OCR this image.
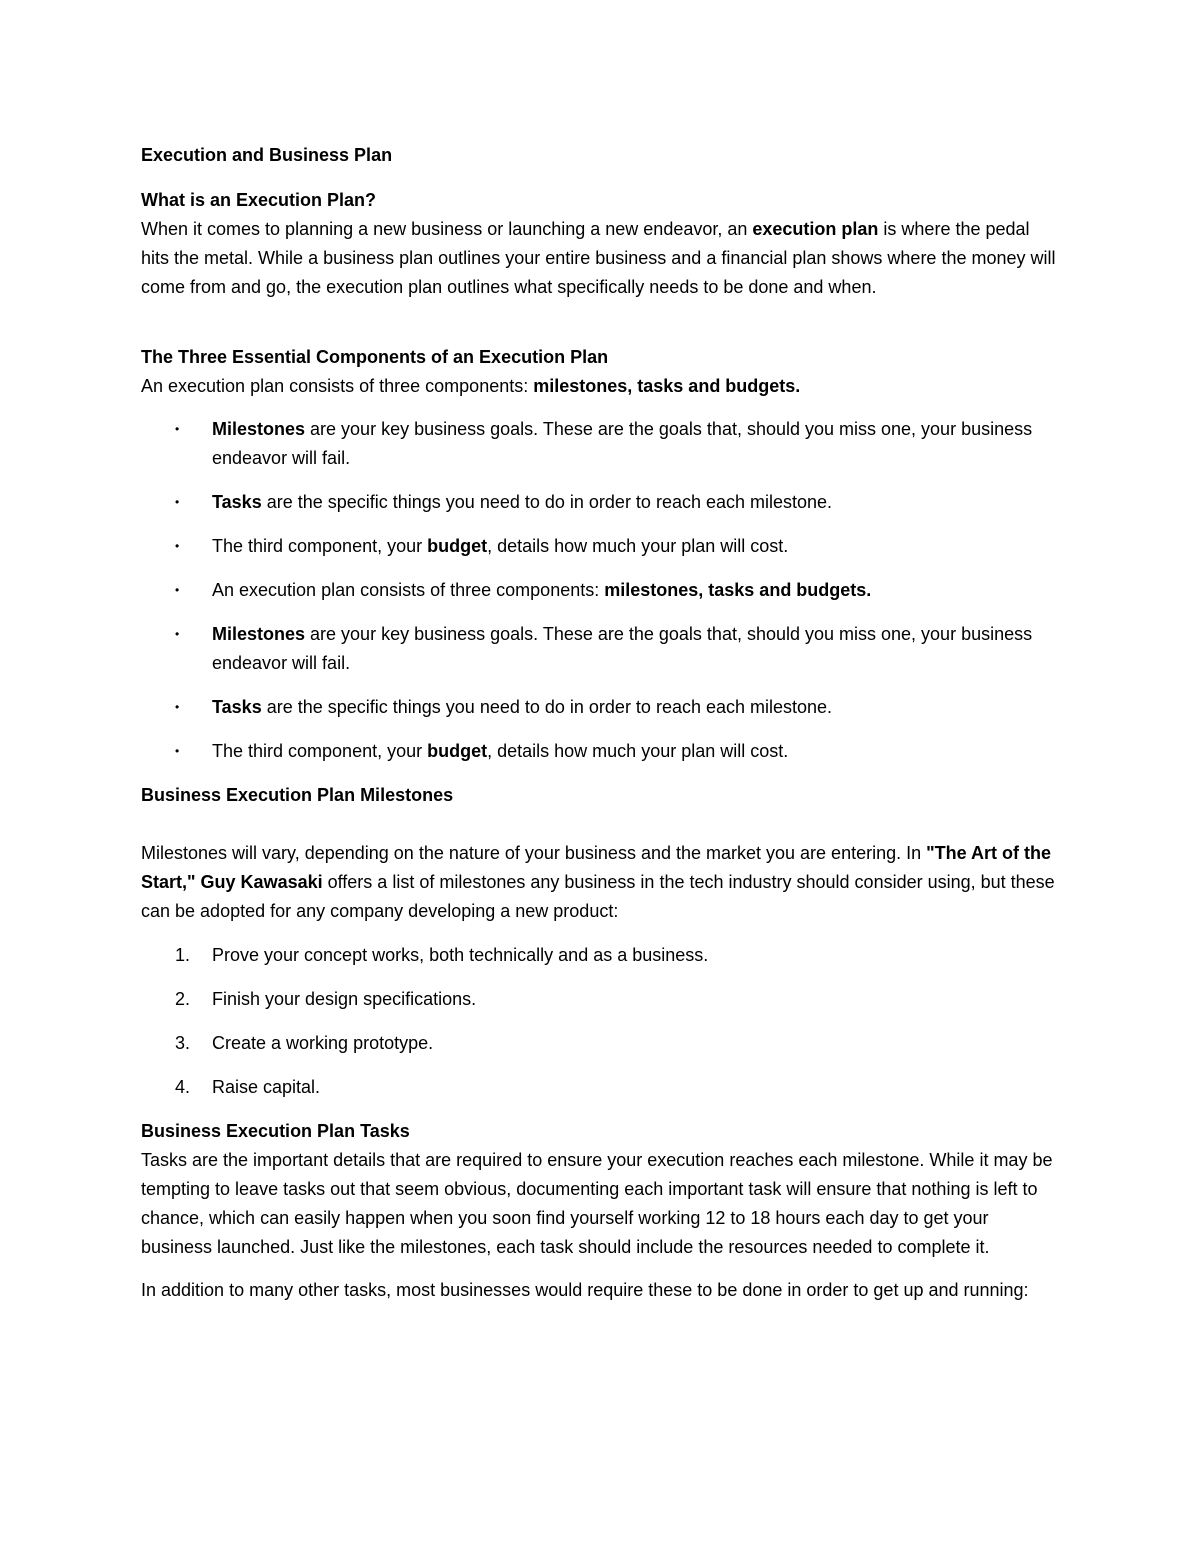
Execution and Business Plan

What is an Execution Plan?

When it comes to planning a new business or launching a new endeavor, an execution plan is where the pedal hits the metal. While a business plan outlines your entire business and a financial plan shows where the money will come from and go, the execution plan outlines what specifically needs to be done and when.

The Three Essential Components of an Execution Plan

An execution plan consists of three components: milestones, tasks and budgets.

• Milestones are your key business goals. These are the goals that, should you miss one, your business endeavor will fail.
• Tasks are the specific things you need to do in order to reach each milestone.
• The third component, your budget, details how much your plan will cost.
• An execution plan consists of three components: milestones, tasks and budgets.
• Milestones are your key business goals. These are the goals that, should you miss one, your business endeavor will fail.
• Tasks are the specific things you need to do in order to reach each milestone.
• The third component, your budget, details how much your plan will cost.

Business Execution Plan Milestones

Milestones will vary, depending on the nature of your business and the market you are entering. In "The Art of the Start," Guy Kawasaki offers a list of milestones any business in the tech industry should consider using, but these can be adopted for any company developing a new product:

1. Prove your concept works, both technically and as a business.
2. Finish your design specifications.
3. Create a working prototype.
4. Raise capital.

Business Execution Plan Tasks

Tasks are the important details that are required to ensure your execution reaches each milestone. While it may be tempting to leave tasks out that seem obvious, documenting each important task will ensure that nothing is left to chance, which can easily happen when you soon find yourself working 12 to 18 hours each day to get your business launched. Just like the milestones, each task should include the resources needed to complete it.

In addition to many other tasks, most businesses would require these to be done in order to get up and running:
